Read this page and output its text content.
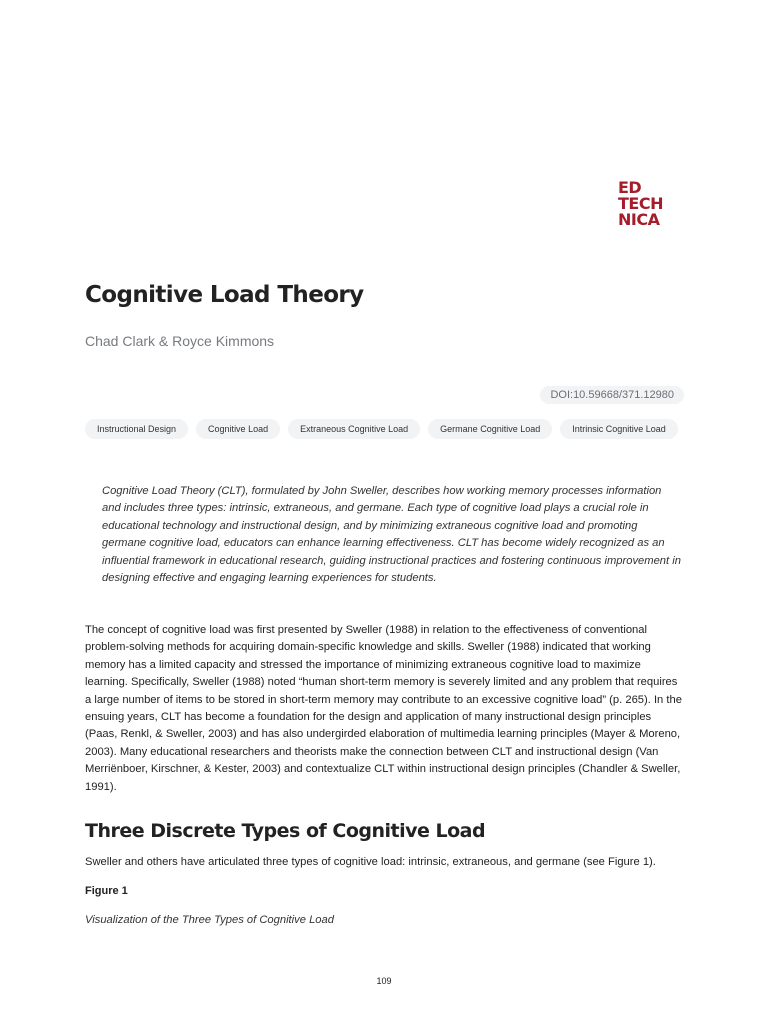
ED
TECH
NICA
Cognitive Load Theory
Chad Clark & Royce Kimmons
DOI:10.59668/371.12980
Instructional Design	Cognitive Load	Extraneous Cognitive Load	Germane Cognitive Load	Intrinsic Cognitive Load

Cognitive Load Theory (CLT), formulated by John Sweller, describes how working memory processes information and includes three types: intrinsic, extraneous, and germane. Each type of cognitive load plays a crucial role in educational technology and instructional design, and by minimizing extraneous cognitive load and promoting germane cognitive load, educators can enhance learning effectiveness. CLT has become widely recognized as an influential framework in educational research, guiding instructional practices and fostering continuous improvement in designing effective and engaging learning experiences for students.

The concept of cognitive load was first presented by Sweller (1988) in relation to the effectiveness of conventional problem-solving methods for acquiring domain-specific knowledge and skills. Sweller (1988) indicated that working memory has a limited capacity and stressed the importance of minimizing extraneous cognitive load to maximize learning. Specifically, Sweller (1988) noted “human short-term memory is severely limited and any problem that requires a large number of items to be stored in short-term memory may contribute to an excessive cognitive load” (p. 265). In the ensuing years, CLT has become a foundation for the design and application of many instructional design principles (Paas, Renkl, & Sweller, 2003) and has also undergirded elaboration of multimedia learning principles (Mayer & Moreno, 2003). Many educational researchers and theorists make the connection between CLT and instructional design (Van Merriënboer, Kirschner, & Kester, 2003) and contextualize CLT within instructional design principles (Chandler & Sweller, 1991).

Three Discrete Types of Cognitive Load

Sweller and others have articulated three types of cognitive load: intrinsic, extraneous, and germane (see Figure 1).

Figure 1
Visualization of the Three Types of Cognitive Load
109
